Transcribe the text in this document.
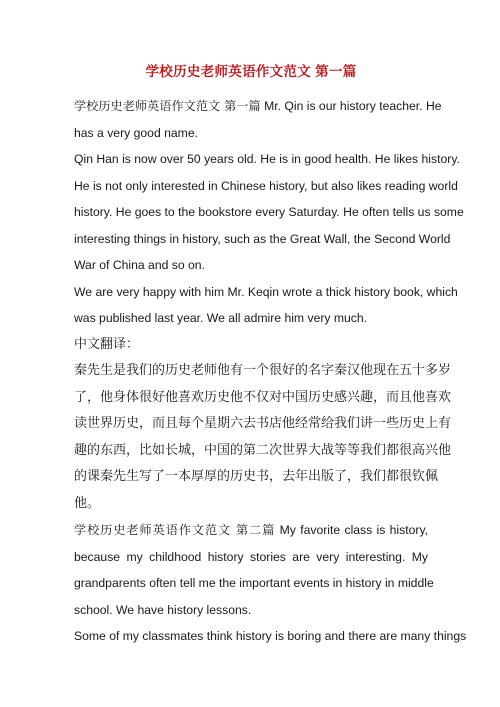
学校历史老师英语作文范文 第一篇
学校历史老师英语作文范文 第一篇 Mr. Qin is our history teacher. He
has a very good name.
Qin Han is now over 50 years old. He is in good health. He likes history.
He is not only interested in Chinese history, but also likes reading world
history. He goes to the bookstore every Saturday. He often tells us some
interesting things in history, such as the Great Wall, the Second World
War of China and so on.
We are very happy with him Mr. Keqin wrote a thick history book, which
was published last year. We all admire him very much.
中文翻译：
秦先生是我们的历史老师他有一个很好的名字秦汉他现在五十多岁
了，他身体很好他喜欢历史他不仅对中国历史感兴趣，而且他喜欢
读世界历史，而且每个星期六去书店他经常给我们讲一些历史上有
趣的东西，比如长城，中国的第二次世界大战等等我们都很高兴他
的课秦先生写了一本厚厚的历史书，去年出版了，我们都很钦佩
他。
学校历史老师英语作文范文 第二篇 My favorite class is history,
because my childhood history stories are very interesting. My
grandparents often tell me the important events in history in middle
school. We have history lessons.
Some of my classmates think history is boring and there are many things
